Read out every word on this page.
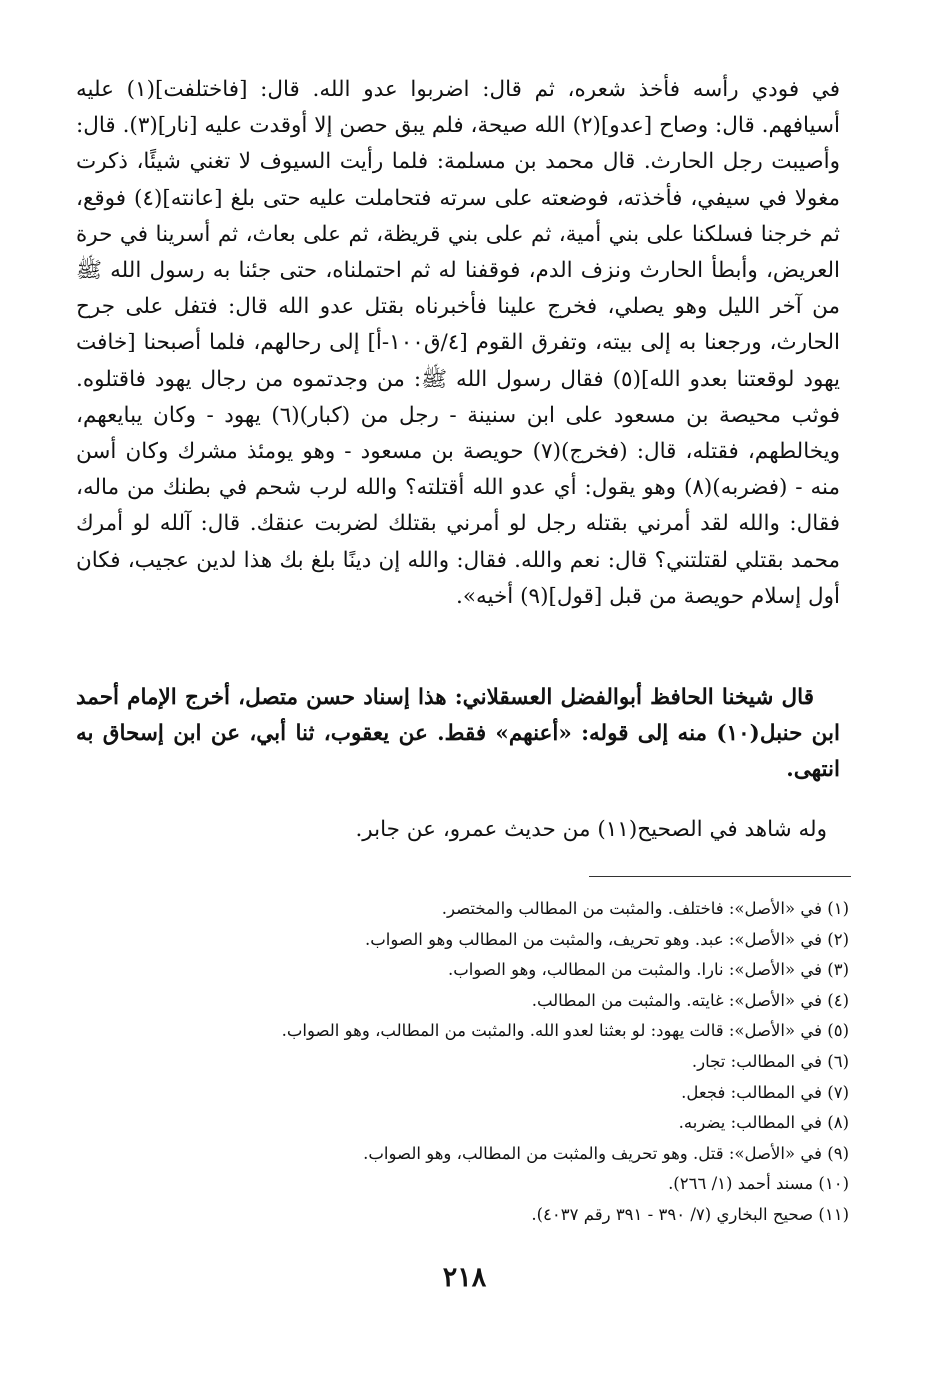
في فودي رأسه فأخذ شعره، ثم قال: اضربوا عدو الله. قال: [فاختلفت](١) عليه أسيافهم. قال: وصاح [عدو](٢) الله صيحة، فلم يبق حصن إلا أوقدت عليه [نار](٣). قال: وأصيبت رجل الحارث. قال محمد بن مسلمة: فلما رأيت السيوف لا تغني شيئًا، ذكرت مغولا في سيفي، فأخذته، فوضعته على سرته فتحاملت عليه حتى بلغ [عانته](٤) فوقع، ثم خرجنا فسلكنا على بني أمية، ثم على بني قريظة، ثم على بعاث، ثم أسرينا في حرة العريض، وأبطأ الحارث ونزف الدم، فوقفنا له ثم احتملناه، حتى جئنا به رسول الله ﷺ من آخر الليل وهو يصلي، فخرج علينا فأخبرناه بقتل عدو الله قال: فتفل على جرح الحارث، ورجعنا به إلى بيته، وتفرق القوم [٤/ق١٠٠-أ] إلى رحالهم، فلما أصبحنا [خافت يهود لوقعتنا بعدو الله](٥) فقال رسول الله ﷺ: من وجدتموه من رجال يهود فاقتلوه. فوثب محيصة بن مسعود على ابن سنينة - رجل من (كبار)(٦) يهود - وكان يبايعهم، ويخالطهم، فقتله، قال: (فخرج)(٧) حويصة بن مسعود - وهو يومئذ مشرك وكان أسن منه - (فضربه)(٨) وهو يقول: أي عدو الله أقتلته؟ والله لرب شحم في بطنك من ماله، فقال: والله لقد أمرني بقتله رجل لو أمرني بقتلك لضربت عنقك. قال: آلله لو أمرك محمد بقتلي لقتلتني؟ قال: نعم والله. فقال: والله إن دينًا بلغ بك هذا لدين عجيب، فكان أول إسلام حويصة من قبل [قول](٩) أخيه».

قال شيخنا الحافظ أبوالفضل العسقلاني: هذا إسناد حسن متصل، أخرج الإمام أحمد ابن حنبل(١٠) منه إلى قوله: «أعنهم» فقط. عن يعقوب، ثنا أبي، عن ابن إسحاق به انتهى.

وله شاهد في الصحيح(١١) من حديث عمرو، عن جابر.

(١) في «الأصل»: فاختلف. والمثبت من المطالب والمختصر.
(٢) في «الأصل»: عبد. وهو تحريف، والمثبت من المطالب وهو الصواب.
(٣) في «الأصل»: نارا. والمثبت من المطالب، وهو الصواب.
(٤) في «الأصل»: غايته. والمثبت من المطالب.
(٥) في «الأصل»: قالت يهود: لو بعثنا لعدو الله. والمثبت من المطالب، وهو الصواب.
(٦) في المطالب: تجار.
(٧) في المطالب: فجعل.
(٨) في المطالب: يضربه.
(٩) في «الأصل»: قتل. وهو تحريف والمثبت من المطالب، وهو الصواب.
(١٠) مسند أحمد (١/ ٢٦٦).
(١١) صحيح البخاري (٧/ ٣٩٠ - ٣٩١ رقم ٤٠٣٧).
٢١٨
